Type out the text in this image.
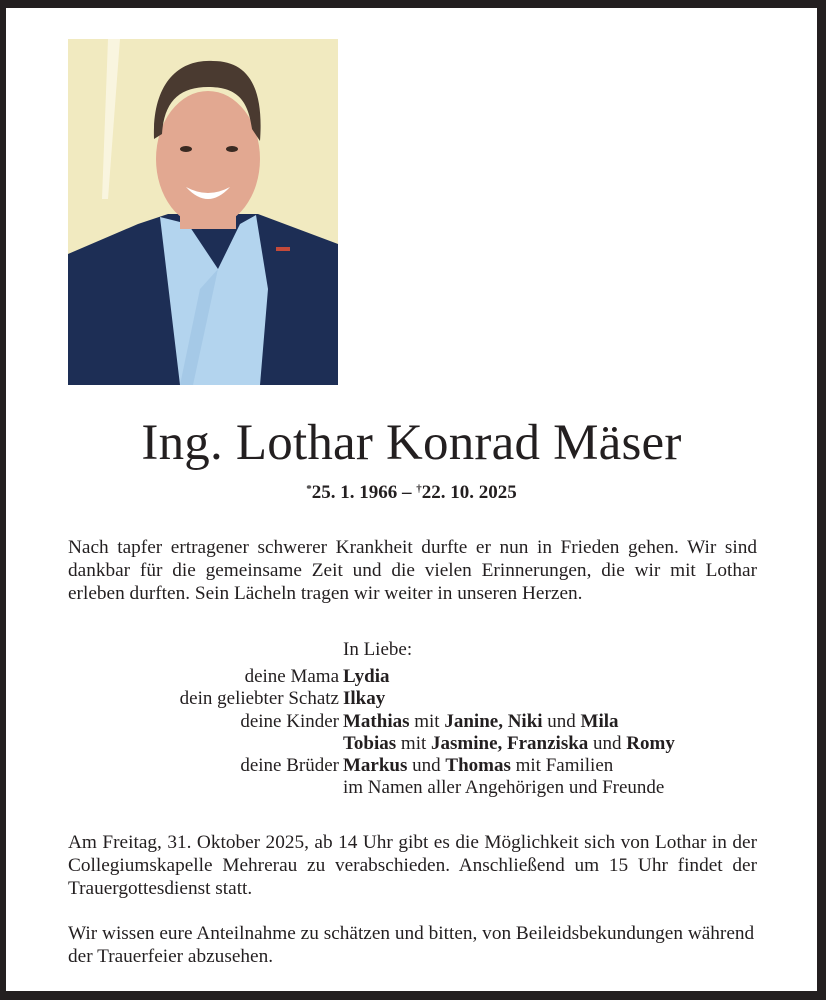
Ing. Lothar Konrad Mäser
*25. 1. 1966 – †22. 10. 2025
Nach tapfer ertragener schwerer Krankheit durfte er nun in Frieden gehen. Wir sind dankbar für die gemeinsame Zeit und die vielen Erinnerungen, die wir mit Lothar erleben durften. Sein Lächeln tragen wir weiter in unseren Herzen.
In Liebe:
deine Mama Lydia
dein geliebter Schatz Ilkay
deine Kinder Mathias mit Janine, Niki und Mila
Tobias mit Jasmine, Franziska und Romy
deine Brüder Markus und Thomas mit Familien
im Namen aller Angehörigen und Freunde
Am Freitag, 31. Oktober 2025, ab 14 Uhr gibt es die Möglichkeit sich von Lothar in der Collegiumskapelle Mehrerau zu verabschieden. Anschließend um 15 Uhr findet der Trauergottesdienst statt.
Wir wissen eure Anteilnahme zu schätzen und bitten, von Beileidsbekundungen während der Trauerfeier abzusehen.
